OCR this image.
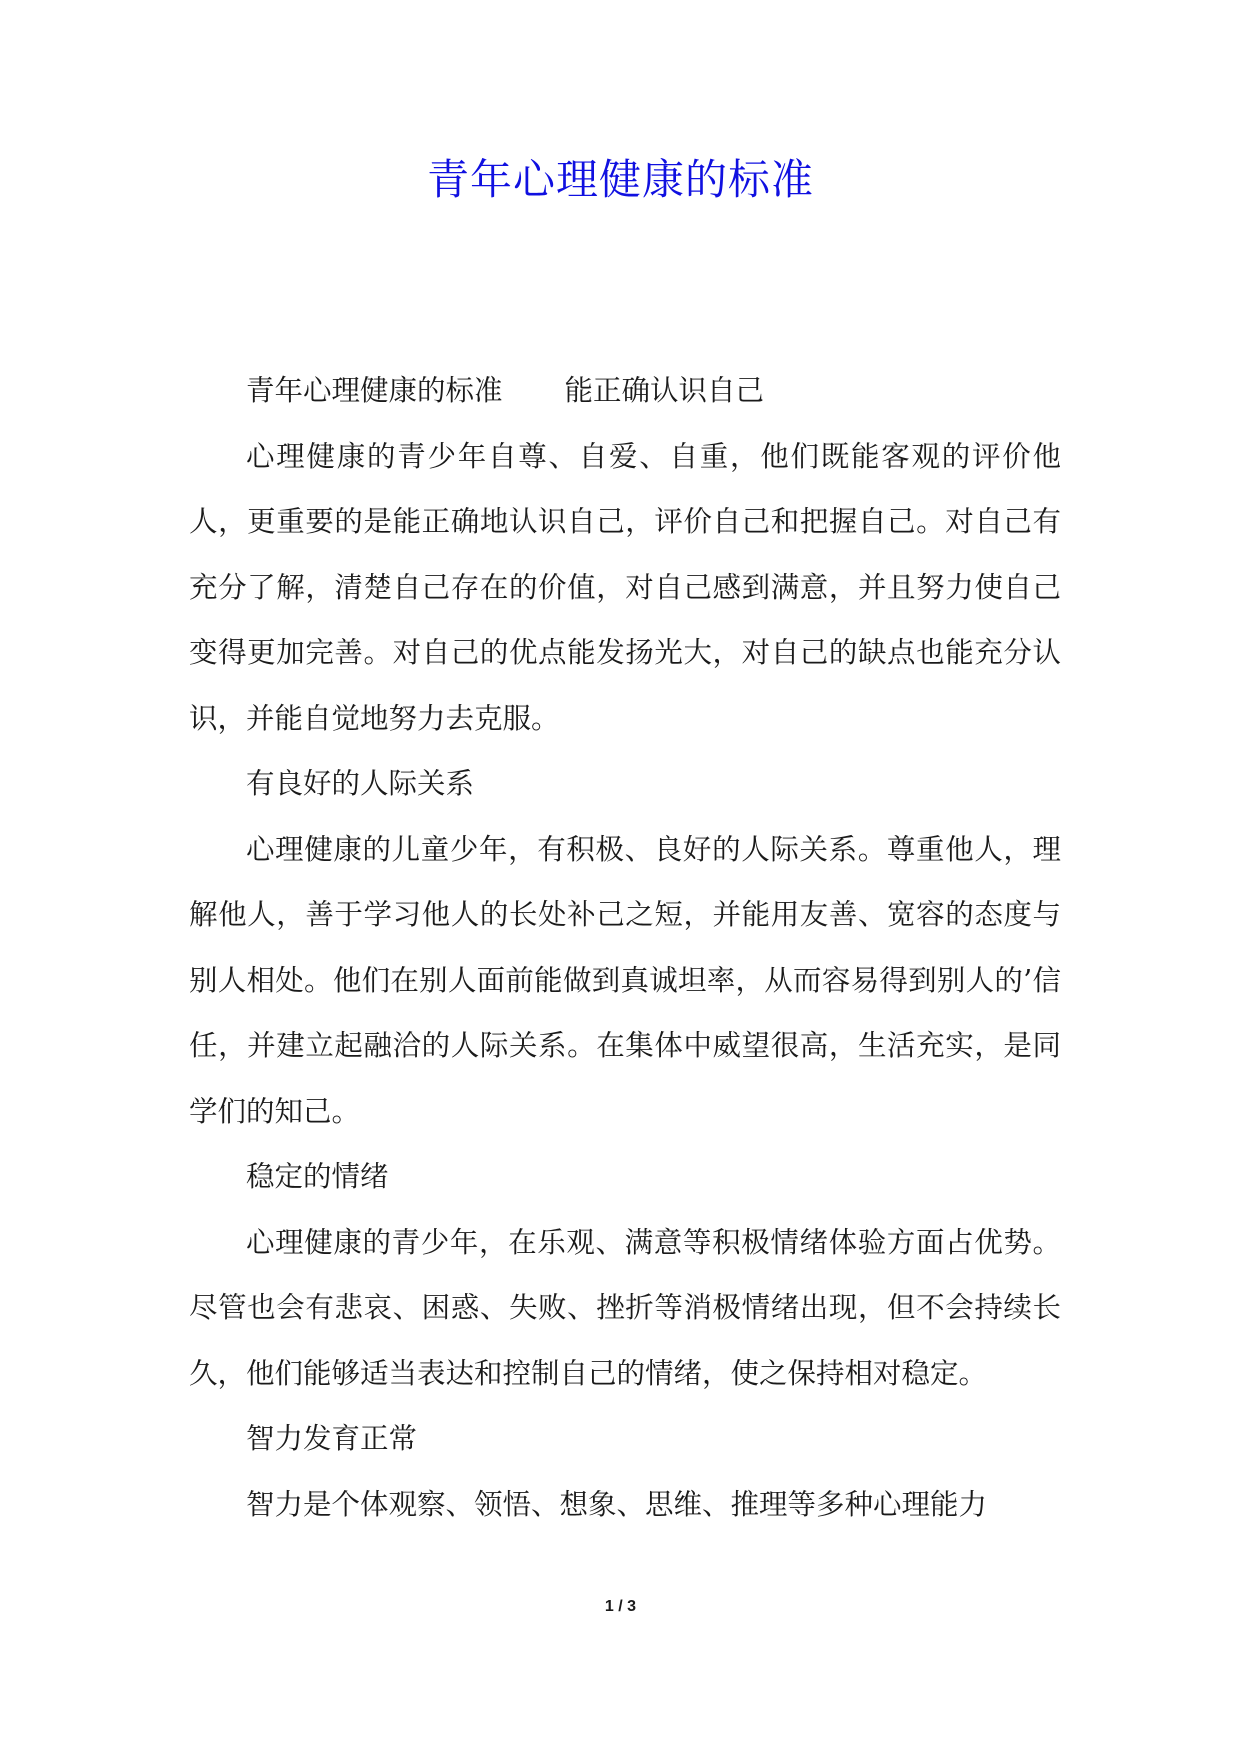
青年心理健康的标准

青年心理健康的标准 能正确认识自己

心理健康的青少年自尊、自爱、自重，他们既能客观的评价他人，更重要的是能正确地认识自己，评价自己和把握自己。对自己有充分了解，清楚自己存在的价值，对自己感到满意，并且努力使自己变得更加完善。对自己的优点能发扬光大，对自己的缺点也能充分认识，并能自觉地努力去克服。

有良好的人际关系

心理健康的儿童少年，有积极、良好的人际关系。尊重他人，理解他人，善于学习他人的长处补己之短，并能用友善、宽容的态度与别人相处。他们在别人面前能做到真诚坦率，从而容易得到别人的’信任，并建立起融洽的人际关系。在集体中威望很高，生活充实，是同学们的知己。

稳定的情绪

心理健康的青少年，在乐观、满意等积极情绪体验方面占优势。尽管也会有悲哀、困惑、失败、挫折等消极情绪出现，但不会持续长久，他们能够适当表达和控制自己的情绪，使之保持相对稳定。

智力发育正常

智力是个体观察、领悟、想象、思维、推理等多种心理能力

1 / 3
